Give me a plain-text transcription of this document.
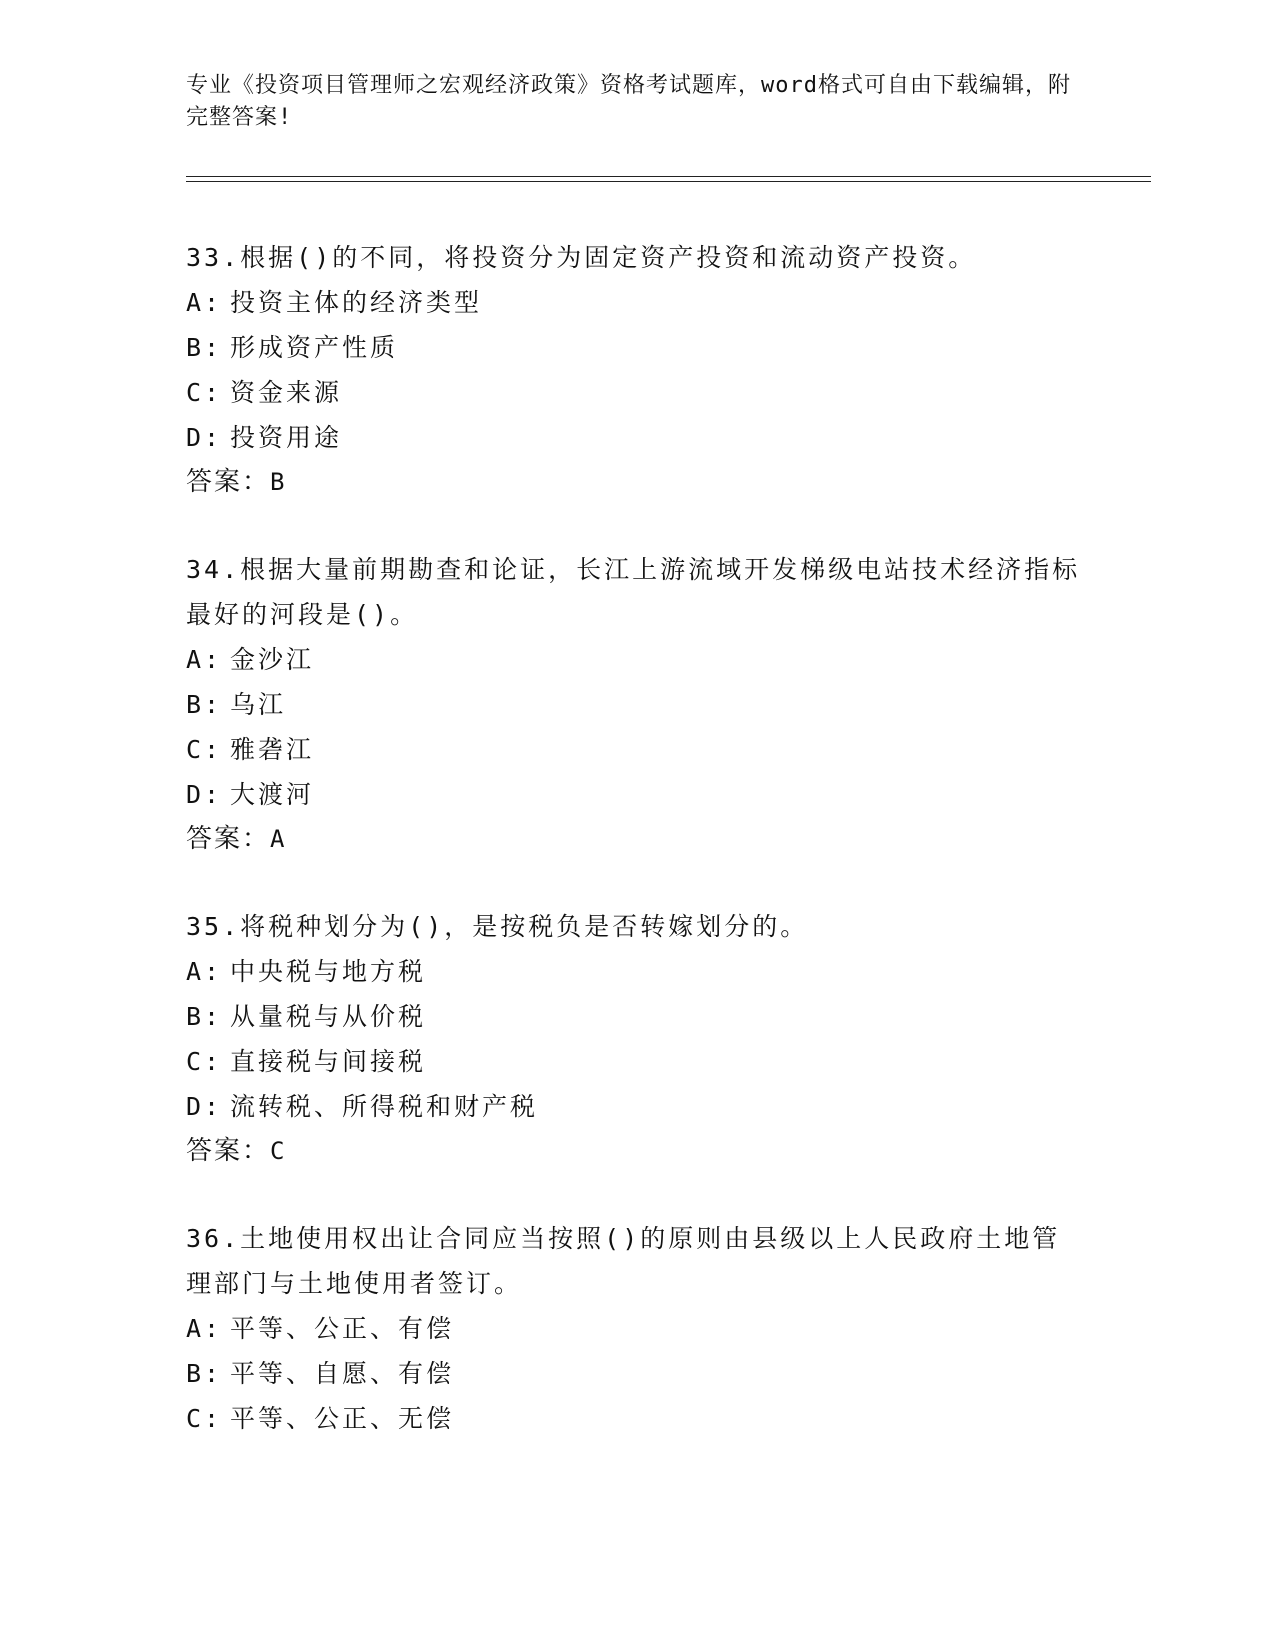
专业《投资项目管理师之宏观经济政策》资格考试题库，word格式可自由下载编辑，附完整答案!

33.根据()的不同，将投资分为固定资产投资和流动资产投资。

A: 投资主体的经济类型

B: 形成资产性质

C: 资金来源

D: 投资用途

答案：B

34.根据大量前期勘查和论证，长江上游流域开发梯级电站技术经济指标最好的河段是()。

A: 金沙江

B: 乌江

C: 雅砻江

D: 大渡河

答案：A

35.将税种划分为()，是按税负是否转嫁划分的。

A: 中央税与地方税

B: 从量税与从价税

C: 直接税与间接税

D: 流转税、所得税和财产税

答案：C

36.土地使用权出让合同应当按照()的原则由县级以上人民政府土地管理部门与土地使用者签订。

A: 平等、公正、有偿

B: 平等、自愿、有偿

C: 平等、公正、无偿
